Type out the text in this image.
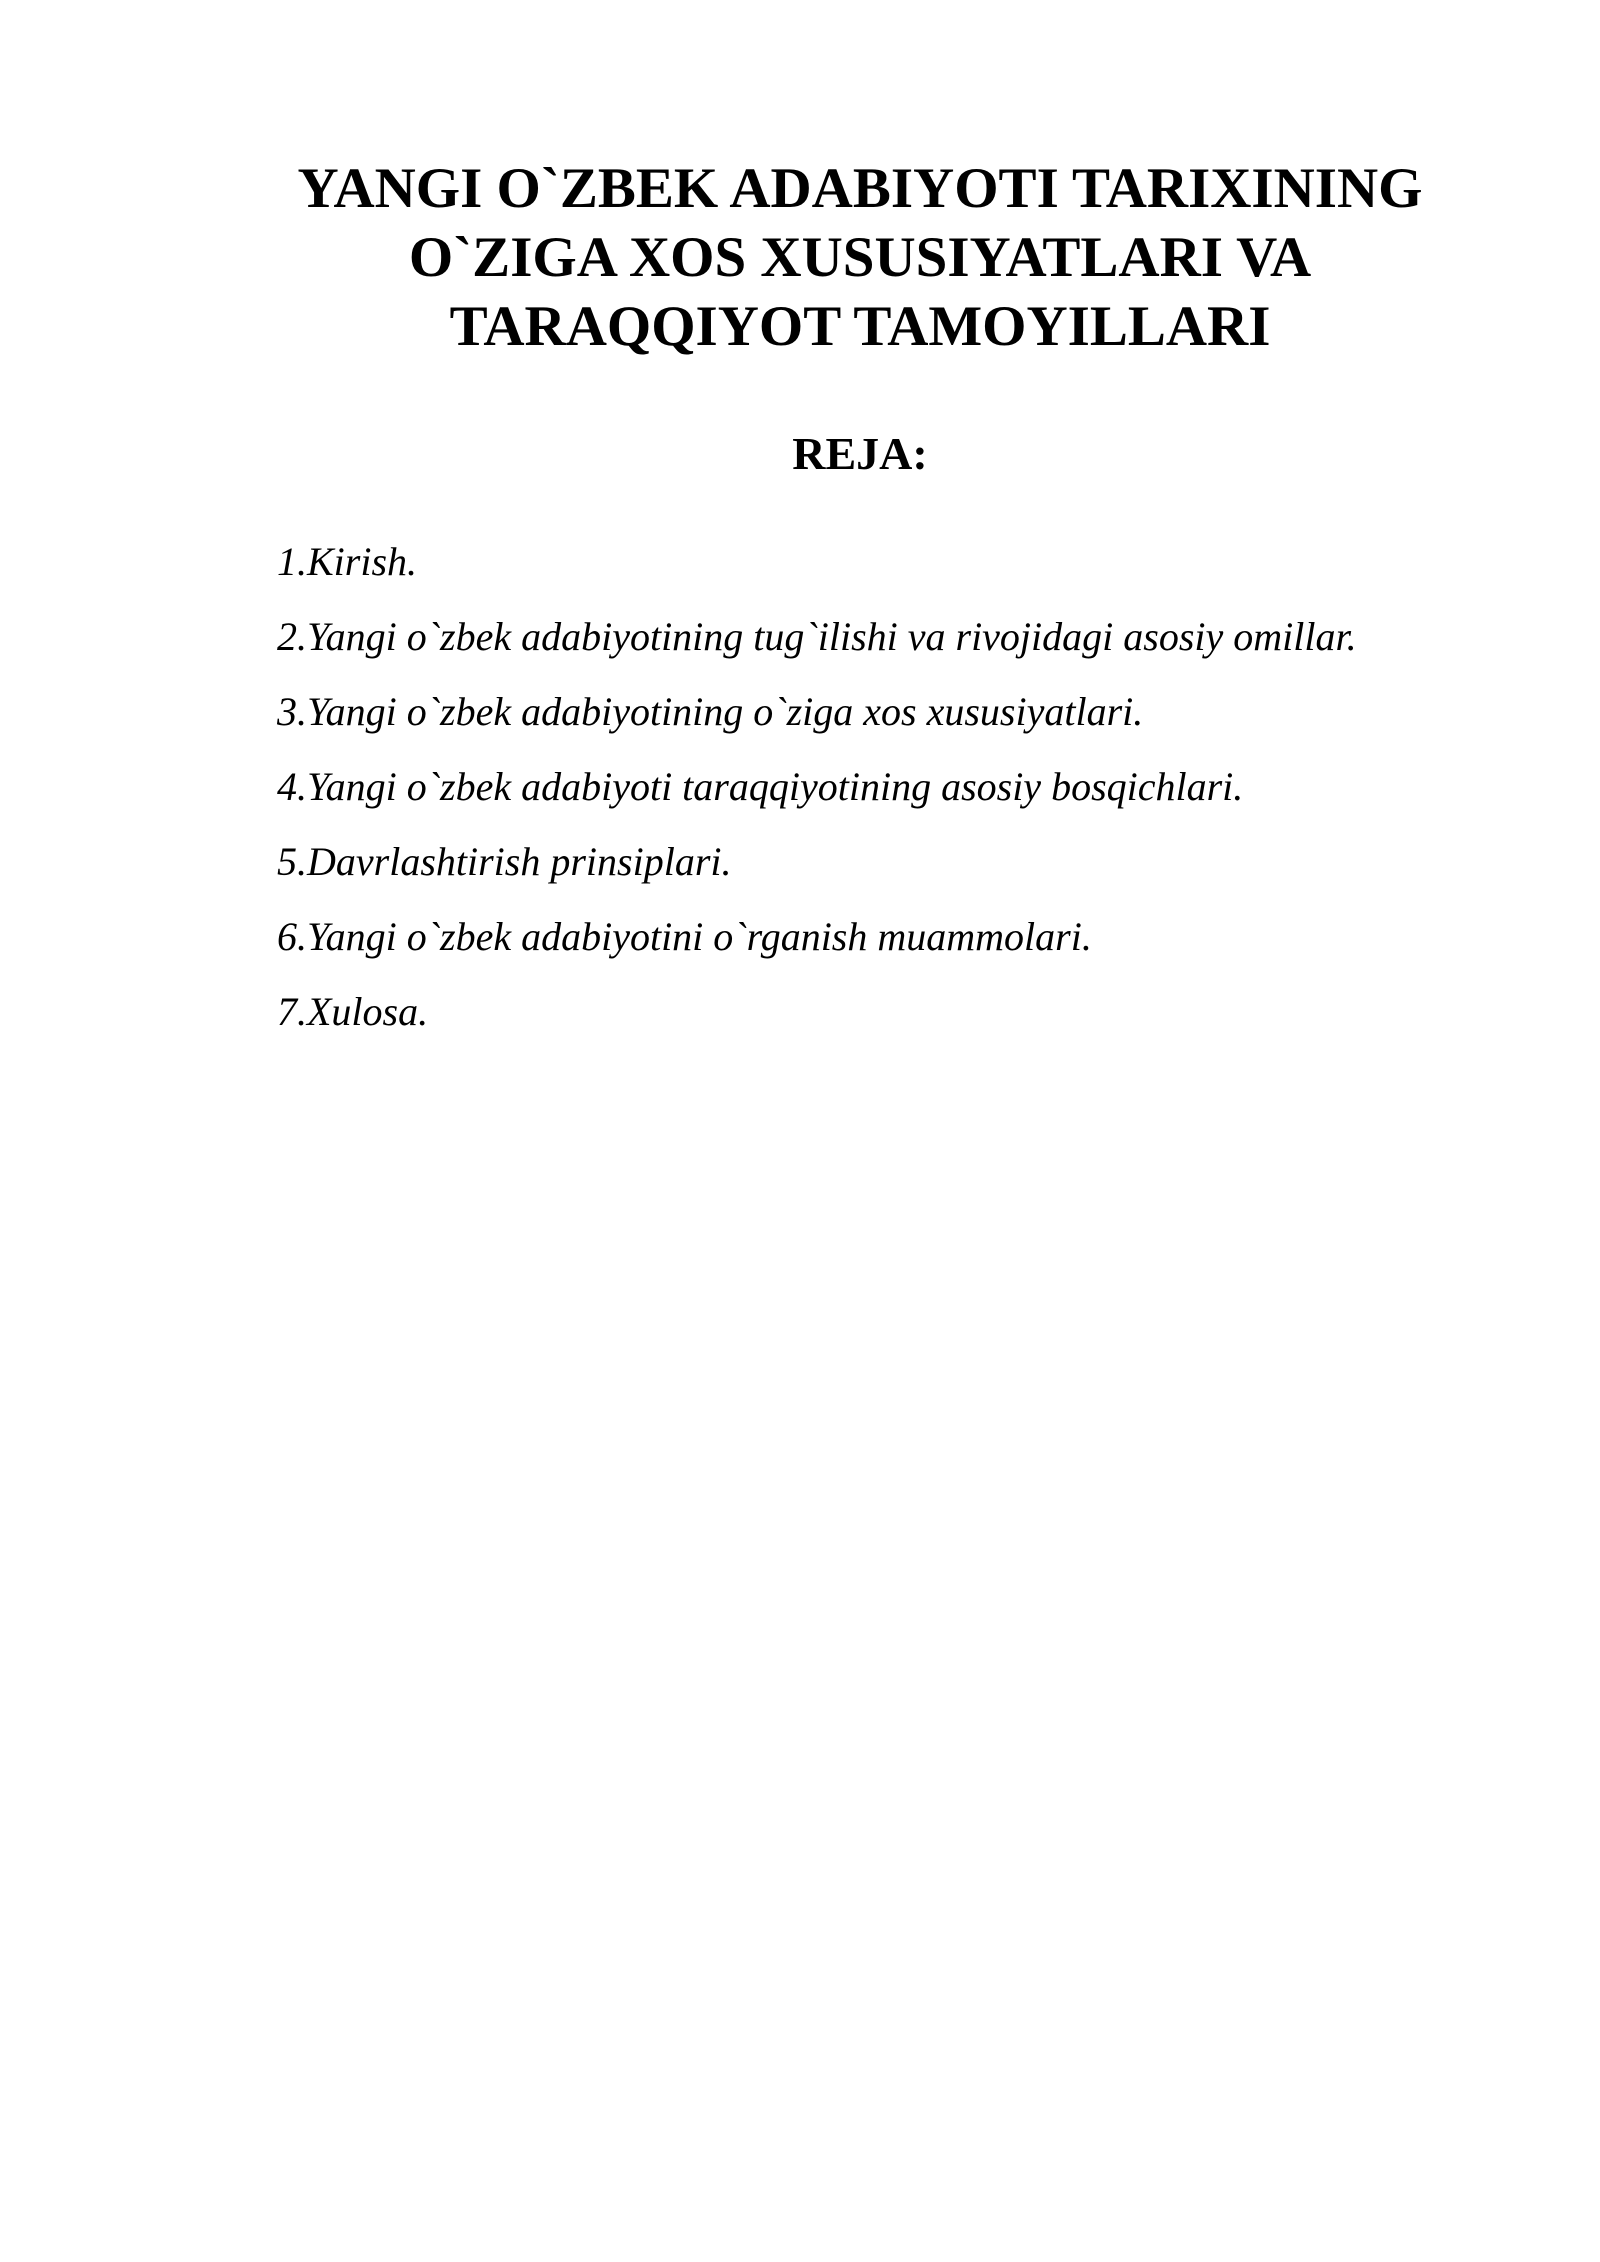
YANGI O`ZBEK ADABIYOTI TARIXINING
O`ZIGA XOS XUSUSIYATLARI VA
TARAQQIYOT TAMOYILLARI
REJA:
1.Kirish.
2.Yangi o`zbek adabiyotining tug`ilishi va rivojidagi asosiy omillar.
3.Yangi o`zbek adabiyotining o`ziga xos xususiyatlari.
4.Yangi o`zbek adabiyoti taraqqiyotining asosiy bosqichlari.
5.Davrlashtirish prinsiplari.
6.Yangi o`zbek adabiyotini o`rganish muammolari.
7.Xulosa.
